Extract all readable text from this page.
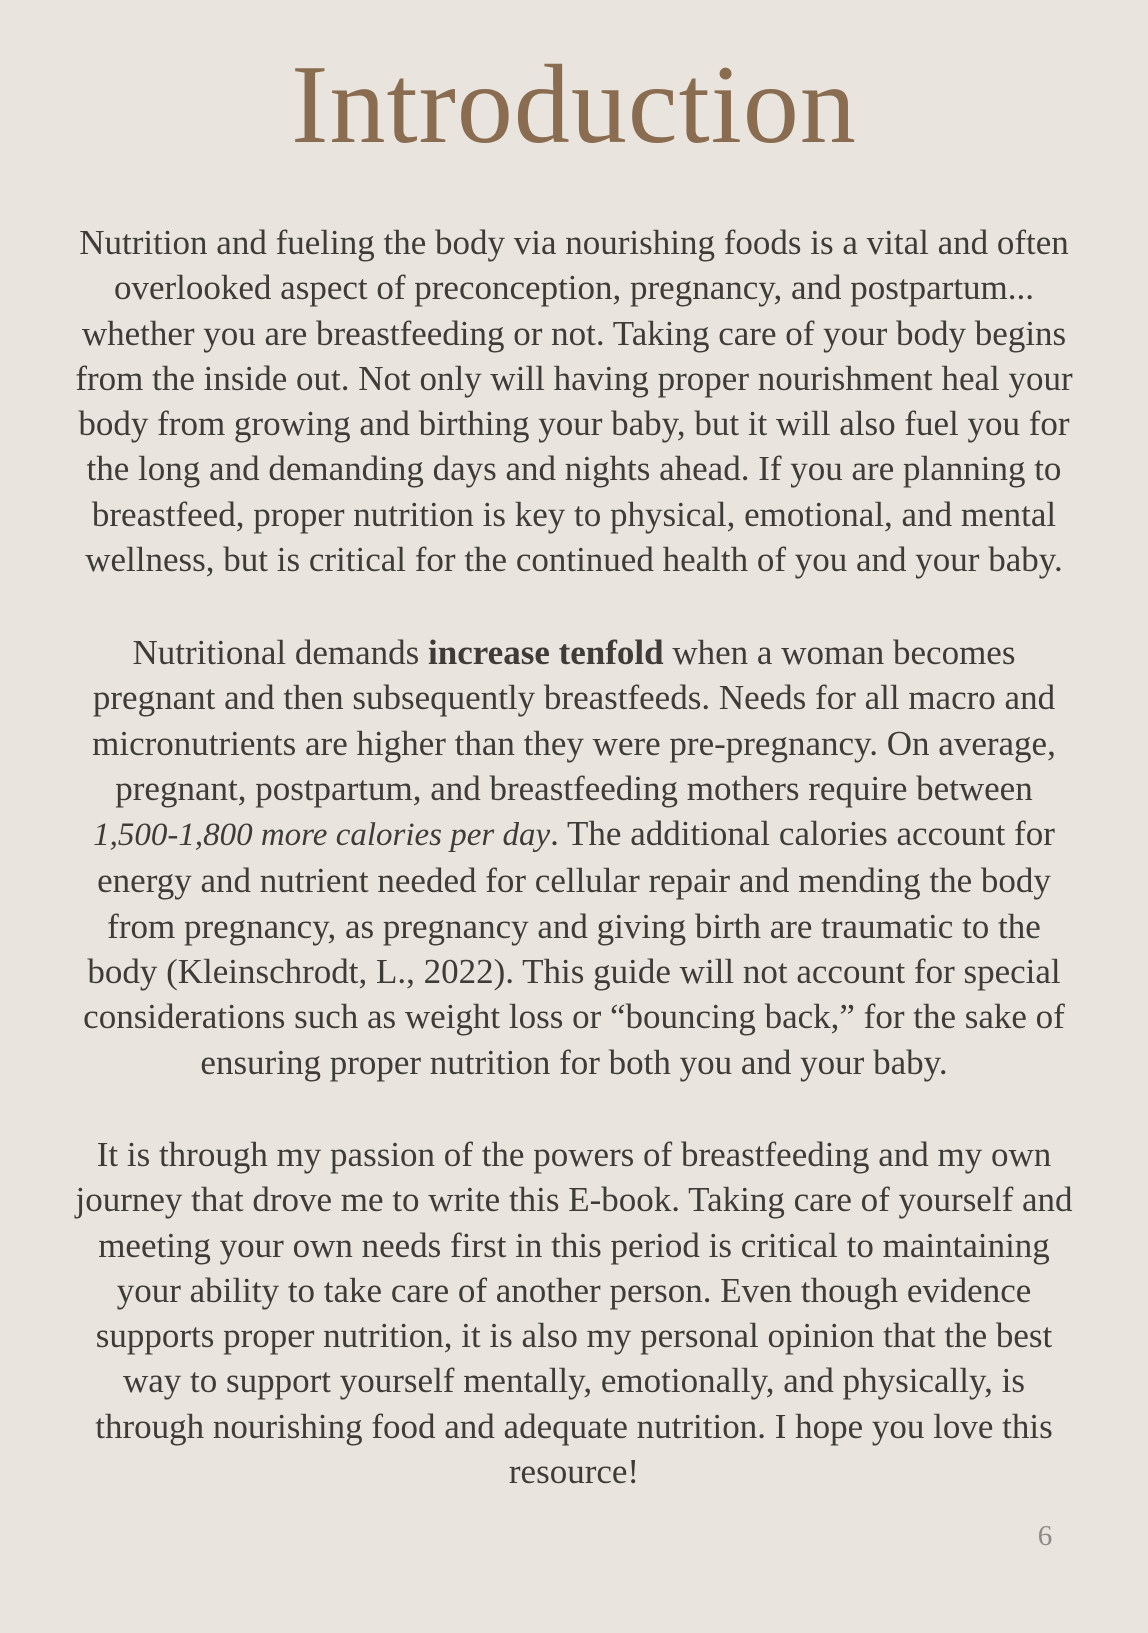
Introduction
Nutrition and fueling the body via nourishing foods is a vital and often
overlooked aspect of preconception, pregnancy, and postpartum...
whether you are breastfeeding or not. Taking care of your body begins
from the inside out. Not only will having proper nourishment heal your
body from growing and birthing your baby, but it will also fuel you for
the long and demanding days and nights ahead. If you are planning to
breastfeed, proper nutrition is key to physical, emotional, and mental
wellness, but is critical for the continued health of you and your baby.
Nutritional demands increase tenfold when a woman becomes
pregnant and then subsequently breastfeeds. Needs for all macro and
micronutrients are higher than they were pre-pregnancy. On average,
pregnant, postpartum, and breastfeeding mothers require between
1,500-1,800 more calories per day. The additional calories account for
energy and nutrient needed for cellular repair and mending the body
from pregnancy, as pregnancy and giving birth are traumatic to the
body (Kleinschrodt, L., 2022). This guide will not account for special
considerations such as weight loss or “bouncing back,” for the sake of
ensuring proper nutrition for both you and your baby.
It is through my passion of the powers of breastfeeding and my own
journey that drove me to write this E-book. Taking care of yourself and
meeting your own needs first in this period is critical to maintaining
your ability to take care of another person. Even though evidence
supports proper nutrition, it is also my personal opinion that the best
way to support yourself mentally, emotionally, and physically, is
through nourishing food and adequate nutrition. I hope you love this
resource!
6
